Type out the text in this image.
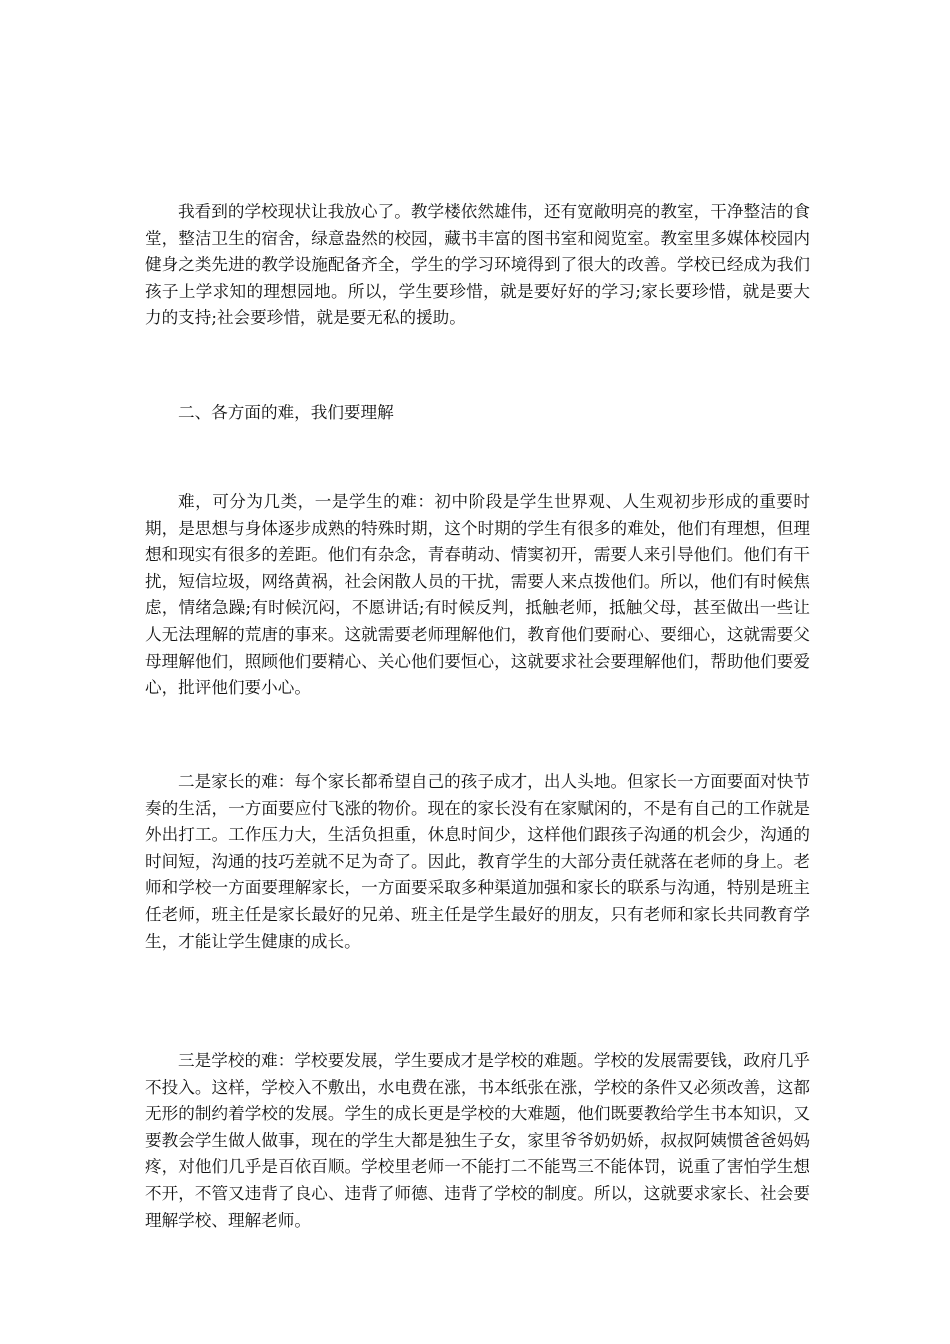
我看到的学校现状让我放心了。教学楼依然雄伟，还有宽敞明亮的教室，干净整洁的食堂，整洁卫生的宿舍，绿意盎然的校园，藏书丰富的图书室和阅览室。教室里多媒体校园内健身之类先进的教学设施配备齐全，学生的学习环境得到了很大的改善。学校已经成为我们孩子上学求知的理想园地。所以，学生要珍惜，就是要好好的学习;家长要珍惜，就是要大力的支持;社会要珍惜，就是要无私的援助。

二、各方面的难，我们要理解

难，可分为几类，一是学生的难：初中阶段是学生世界观、人生观初步形成的重要时期，是思想与身体逐步成熟的特殊时期，这个时期的学生有很多的难处，他们有理想，但理想和现实有很多的差距。他们有杂念，青春萌动、情窦初开，需要人来引导他们。他们有干扰，短信垃圾，网络黄祸，社会闲散人员的干扰，需要人来点拨他们。所以，他们有时候焦虑，情绪急躁;有时候沉闷，不愿讲话;有时候反判，抵触老师，抵触父母，甚至做出一些让人无法理解的荒唐的事来。这就需要老师理解他们，教育他们要耐心、要细心，这就需要父母理解他们，照顾他们要精心、关心他们要恒心，这就要求社会要理解他们，帮助他们要爱心，批评他们要小心。

二是家长的难：每个家长都希望自己的孩子成才，出人头地。但家长一方面要面对快节奏的生活，一方面要应付飞涨的物价。现在的家长没有在家赋闲的，不是有自己的工作就是外出打工。工作压力大，生活负担重，休息时间少，这样他们跟孩子沟通的机会少，沟通的时间短，沟通的技巧差就不足为奇了。因此，教育学生的大部分责任就落在老师的身上。老师和学校一方面要理解家长，一方面要采取多种渠道加强和家长的联系与沟通，特别是班主任老师，班主任是家长最好的兄弟、班主任是学生最好的朋友，只有老师和家长共同教育学生，才能让学生健康的成长。

三是学校的难：学校要发展，学生要成才是学校的难题。学校的发展需要钱，政府几乎不投入。这样，学校入不敷出，水电费在涨，书本纸张在涨，学校的条件又必须改善，这都无形的制约着学校的发展。学生的成长更是学校的大难题，他们既要教给学生书本知识，又要教会学生做人做事，现在的学生大都是独生子女，家里爷爷奶奶娇，叔叔阿姨惯爸爸妈妈疼，对他们几乎是百依百顺。学校里老师一不能打二不能骂三不能体罚，说重了害怕学生想不开，不管又违背了良心、违背了师德、违背了学校的制度。所以，这就要求家长、社会要理解学校、理解老师。
